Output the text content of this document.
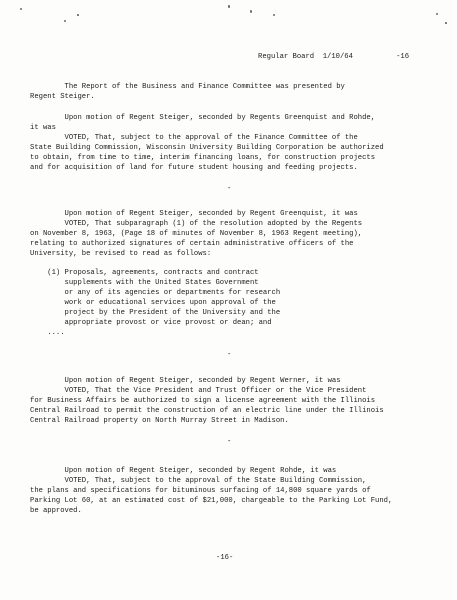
Regular Board 1/10/64	-16
The Report of the Business and Finance Committee was presented by
Regent Steiger.
Upon motion of Regent Steiger, seconded by Regents Greenquist and Rohde,
it was
VOTED, That, subject to the approval of the Finance Committee of the
State Building Commission, Wisconsin University Building Corporation be authorized
to obtain, from time to time, interim financing loans, for construction projects
and for acquisition of land for future student housing and feeding projects.
-
Upon motion of Regent Steiger, seconded by Regent Greenquist, it was
VOTED, That subparagraph (1) of the resolution adopted by the Regents
on November 8, 1963, (Page 18 of minutes of November 8, 1963 Regent meeting),
relating to authorized signatures of certain administrative officers of the
University, be revised to read as follows:
(1) Proposals, agreements, contracts and contract
supplements with the United States Government
or any of its agencies or departments for research
work or educational services upon approval of the
project by the President of the University and the
appropriate provost or vice provost or dean; and
....
-
Upon motion of Regent Steiger, seconded by Regent Werner, it was
VOTED, That the Vice President and Trust Officer or the Vice President
for Business Affairs be authorized to sign a license agreement with the Illinois
Central Railroad to permit the construction of an electric line under the Illinois
Central Railroad property on North Murray Street in Madison.
-
Upon motion of Regent Steiger, seconded by Regent Rohde, it was
VOTED, That, subject to the approval of the State Building Commission,
the plans and specifications for bituminous surfacing of 14,800 square yards of
Parking Lot 60, at an estimated cost of $21,000, chargeable to the Parking Lot Fund,
be approved.
-16-
